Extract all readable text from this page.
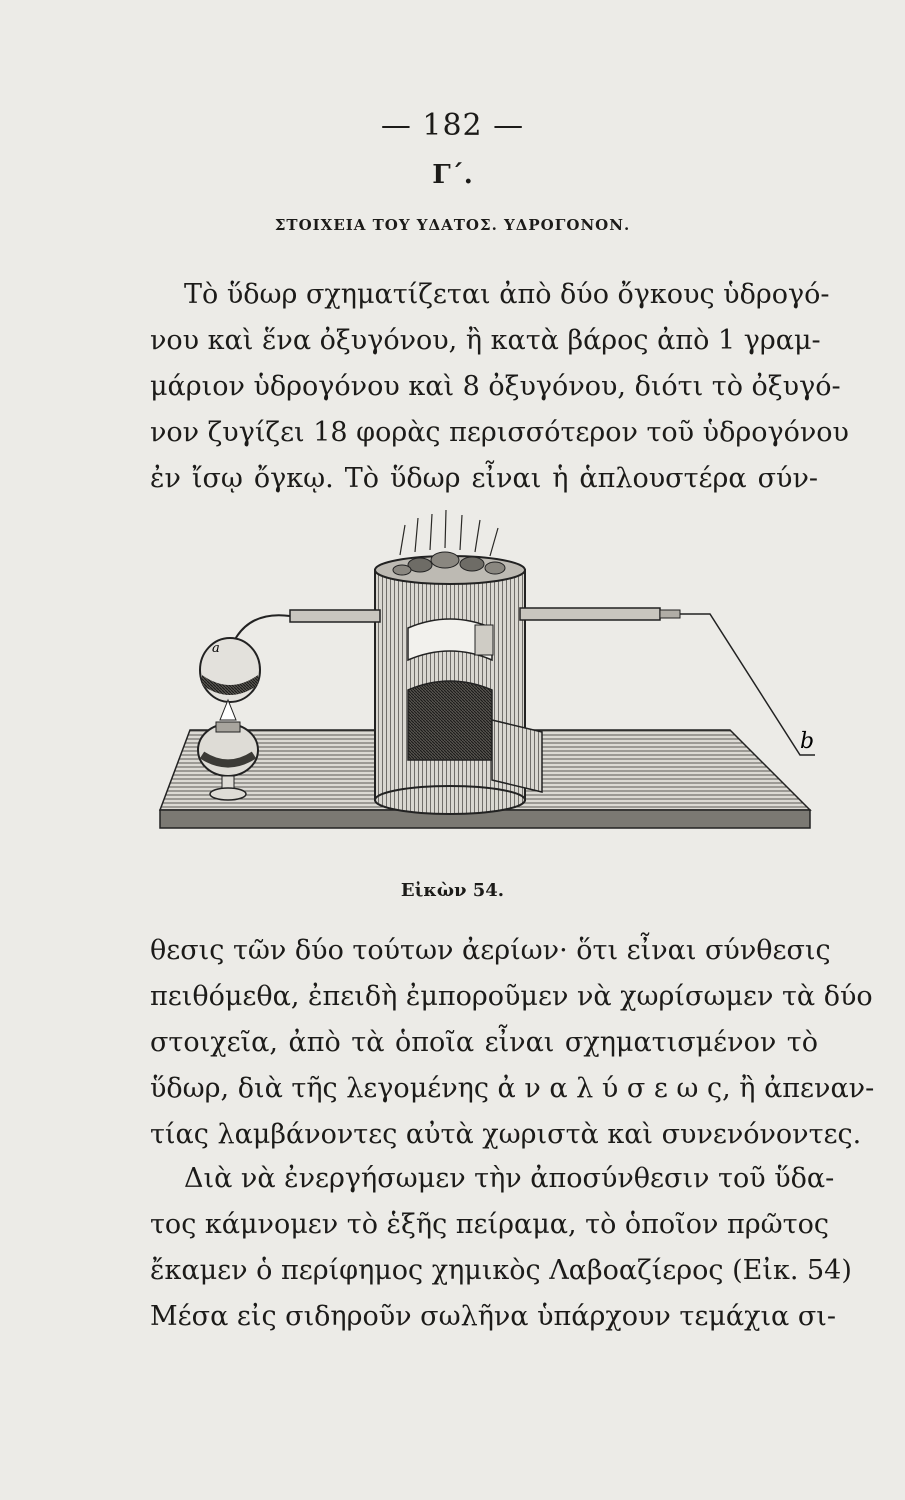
— 182 —
Γ΄.
ΣΤΟΙΧΕΙΑ ΤΟΥ ΥΔΑΤΟΣ. ΥΔΡΟΓΟΝΟΝ.

Τὸ ὕδωρ σχηματίζεται ἀπὸ δύο ὄγκους ὑδρογό-
νου καὶ ἕνα ὀξυγόνου, ἢ κατὰ βάρος ἀπὸ 1 γραμ-
μάριον ὑδρογόνου καὶ 8 ὀξυγόνου, διότι τὸ ὀξυγό-
νον ζυγίζει 18 φορὰς περισσότερον τοῦ ὑδρογόνου
ἐν ἴσῳ ὄγκῳ. Τὸ ὕδωρ εἶναι ἡ ἁπλουστέρα σύν-

a
b
Εἰκὼν 54.

θεσις τῶν δύο τούτων ἀερίων· ὅτι εἶναι σύνθεσις
πειθόμεθα, ἐπειδὴ ἐμποροῦμεν νὰ χωρίσωμεν τὰ δύο
στοιχεῖα, ἀπὸ τὰ ὁποῖα εἶναι σχηματισμένον τὸ
ὕδωρ, διὰ τῆς λεγομένης ἀ ν α λ ύ σ ε ω ς, ἢ ἀπεναν-
τίας λαμβάνοντες αὐτὰ χωριστὰ καὶ συνενόνοντες.

Διὰ νὰ ἐνεργήσωμεν τὴν ἀποσύνθεσιν τοῦ ὕδα-
τος κάμνομεν τὸ ἑξῆς πείραμα, τὸ ὁποῖον πρῶτος
ἔκαμεν ὁ περίφημος χημικὸς Λαβοαζίερος (Εἰκ. 54)
Μέσα εἰς σιδηροῦν σωλῆνα ὑπάρχουν τεμάχια σι-
